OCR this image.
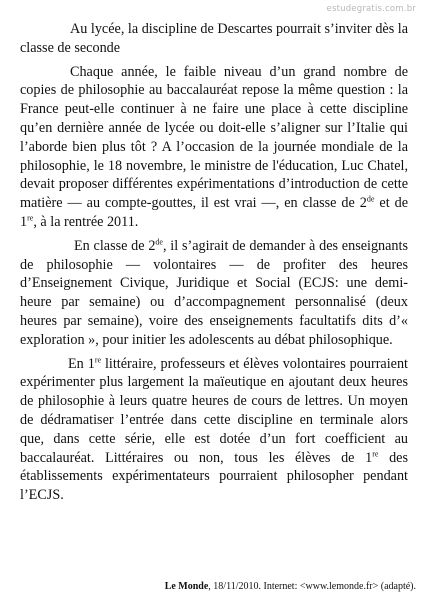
estudegratis.com.br

Au lycée, la discipline de Descartes pourrait s’inviter dès la classe de seconde

Chaque année, le faible niveau d’un grand nombre de copies de philosophie au baccalauréat repose la même question : la France peut-elle continuer à ne faire une place à cette discipline qu’en dernière année de lycée ou doit-elle s’aligner sur l’Italie qui l’aborde bien plus tôt ? A l’occasion de la journée mondiale de la philosophie, le 18 novembre, le ministre de l'éducation, Luc Chatel, devait proposer différentes expérimentations d’introduction de cette matière — au compte-gouttes, il est vrai —, en classe de 2de et de 1re, à la rentrée 2011.

En classe de 2de, il s’agirait de demander à des enseignants de philosophie — volontaires — de profiter des heures d’Enseignement Civique, Juridique et Social (ECJS: une demi-heure par semaine) ou d’accompagnement personnalisé (deux heures par semaine), voire des enseignements facultatifs dits d’« exploration », pour initier les adolescents au débat philosophique.

En 1re littéraire, professeurs et élèves volontaires pourraient expérimenter plus largement la maïeutique en ajoutant deux heures de philosophie à leurs quatre heures de cours de lettres. Un moyen de dédramatiser l’entrée dans cette discipline en terminale alors que, dans cette série, elle est dotée d’un fort coefficient au baccalauréat. Littéraires ou non, tous les élèves de 1re des établissements expérimentateurs pourraient philosopher pendant l’ECJS.

Le Monde, 18/11/2010. Internet: <www.lemonde.fr> (adapté).
